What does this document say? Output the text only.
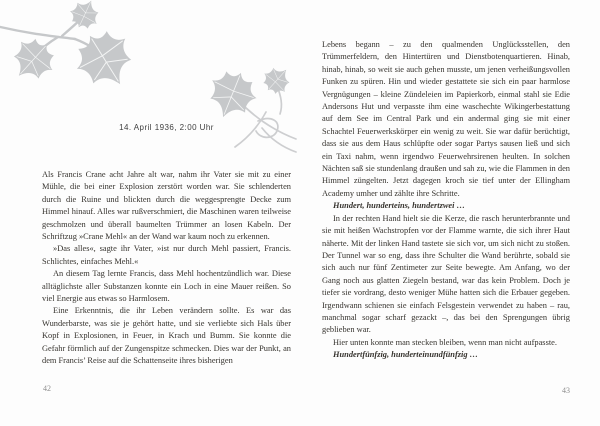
14. April 1936, 2:00 Uhr

Als Francis Crane acht Jahre alt war, nahm ihr Vater sie mit zu einer Mühle, die bei einer Explosion zerstört worden war. Sie schlenderten durch die Ruine und blickten durch die weggesprengte Decke zum Himmel hinauf. Alles war rußverschmiert, die Maschinen waren teilweise geschmolzen und überall baumelten Trümmer an losen Kabeln. Der Schriftzug »Crane Mehl« an der Wand war kaum noch zu erkennen.

»Das alles«, sagte ihr Vater, »ist nur durch Mehl passiert, Francis. Schlichtes, einfaches Mehl.«

An diesem Tag lernte Francis, dass Mehl hochentzündlich war. Diese alltäglichste aller Substanzen konnte ein Loch in eine Mauer reißen. So viel Energie aus etwas so Harmlosem.

Eine Erkenntnis, die ihr Leben verändern sollte. Es war das Wunderbarste, was sie je gehört hatte, und sie verliebte sich Hals über Kopf in Explosionen, in Feuer, in Krach und Bumm. Sie konnte die Gefahr förmlich auf der Zungenspitze schmecken. Dies war der Punkt, an dem Francis’ Reise auf die Schattenseite ihres bisherigen

42

Lebens begann – zu den qualmenden Unglücksstellen, den Trümmerfeldern, den Hintertüren und Dienstbotenquartieren. Hinab, hinab, hinab, so weit sie auch gehen musste, um jenen verheißungsvollen Funken zu spüren. Hin und wieder gestattete sie sich ein paar harmlose Vergnügungen – kleine Zündeleien im Papierkorb, einmal stahl sie Edie Andersons Hut und verpasste ihm eine waschechte Wikingerbestattung auf dem See im Central Park und ein andermal ging sie mit einer Schachtel Feuerwerkskörper ein wenig zu weit. Sie war dafür berüchtigt, dass sie aus dem Haus schlüpfte oder sogar Partys sausen ließ und sich ein Taxi nahm, wenn irgendwo Feuerwehrsirenen heulten. In solchen Nächten saß sie stundenlang draußen und sah zu, wie die Flammen in den Himmel züngelten. Jetzt dagegen kroch sie tief unter der Ellingham Academy umher und zählte ihre Schritte.

Hundert, hunderteins, hundertzwei …

In der rechten Hand hielt sie die Kerze, die rasch herunterbrannte und sie mit heißen Wachstropfen vor der Flamme warnte, die sich ihrer Haut näherte. Mit der linken Hand tastete sie sich vor, um sich nicht zu stoßen. Der Tunnel war so eng, dass ihre Schulter die Wand berührte, sobald sie sich auch nur fünf Zentimeter zur Seite bewegte. Am Anfang, wo der Gang noch aus glatten Ziegeln bestand, war das kein Problem. Doch je tiefer sie vordrang, desto weniger Mühe hatten sich die Erbauer gegeben. Irgendwann schienen sie einfach Felsgestein verwendet zu haben – rau, manchmal sogar scharf gezackt –, das bei den Sprengungen übrig geblieben war.

Hier unten konnte man stecken bleiben, wenn man nicht aufpasste.

Hundertfünfzig, hunderteinundfünfzig …

43
